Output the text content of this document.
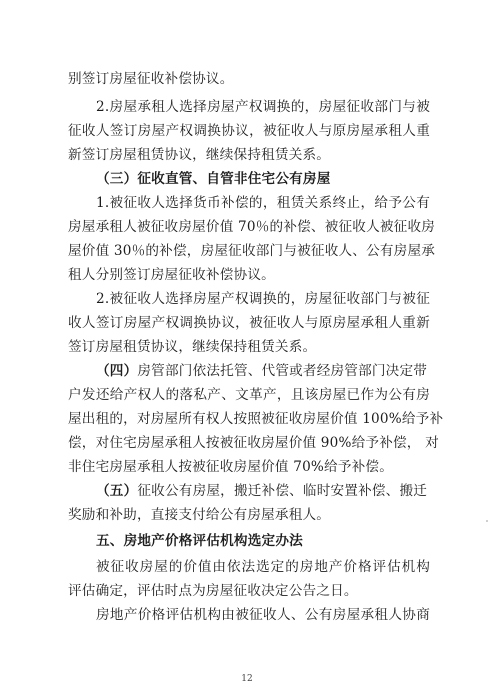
别签订房屋征收补偿协议。
2.房屋承租人选择房屋产权调换的，房屋征收部门与被
征收人签订房屋产权调换协议，被征收人与原房屋承租人重
新签订房屋租赁协议，继续保持租赁关系。
（三）征收直管、自管非住宅公有房屋
1.被征收人选择货币补偿的，租赁关系终止，给予公有
房屋承租人被征收房屋价值 70％的补偿、被征收人被征收房
屋价值 30％的补偿，房屋征收部门与被征收人、公有房屋承
租人分别签订房屋征收补偿协议。
2.被征收人选择房屋产权调换的，房屋征收部门与被征
收人签订房屋产权调换协议，被征收人与原房屋承租人重新
签订房屋租赁协议，继续保持租赁关系。
（四）房管部门依法托管、代管或者经房管部门决定带
户发还给产权人的落私产、文革产，且该房屋已作为公有房
屋出租的，对房屋所有权人按照被征收房屋价值 100%给予补
偿，对住宅房屋承租人按被征收房屋价值 90%给予补偿， 对
非住宅房屋承租人按被征收房屋价值 70%给予补偿。
（五）征收公有房屋，搬迁补偿、临时安置补偿、搬迁
奖励和补助，直接支付给公有房屋承租人。
五、房地产价格评估机构选定办法
被征收房屋的价值由依法选定的房地产价格评估机构
评估确定，评估时点为房屋征收决定公告之日。
房地产价格评估机构由被征收人、公有房屋承租人协商
12
